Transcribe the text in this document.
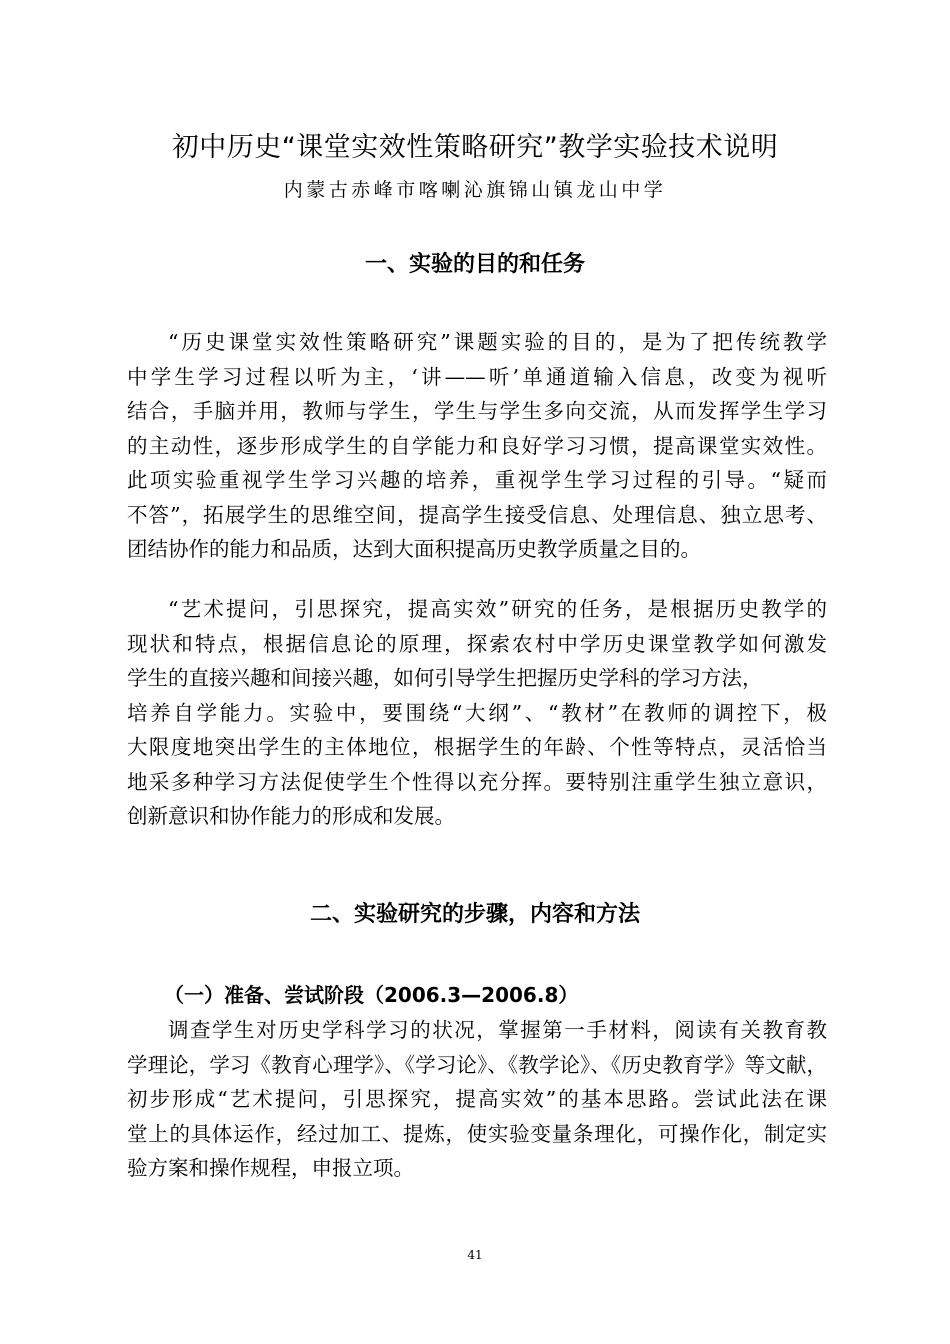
初中历史“课堂实效性策略研究”教学实验技术说明
内蒙古赤峰市喀喇沁旗锦山镇龙山中学
一、实验的目的和任务
“历史课堂实效性策略研究”课题实验的目的，是为了把传统教学
中学生学习过程以听为主，‘讲——听’单通道输入信息，改变为视听
结合，手脑并用，教师与学生，学生与学生多向交流，从而发挥学生学习
的主动性，逐步形成学生的自学能力和良好学习习惯，提高课堂实效性。
此项实验重视学生学习兴趣的培养，重视学生学习过程的引导。“疑而
不答”，拓展学生的思维空间，提高学生接受信息、处理信息、独立思考、
团结协作的能力和品质，达到大面积提高历史教学质量之目的。
“艺术提问，引思探究，提高实效”研究的任务，是根据历史教学的
现状和特点，根据信息论的原理，探索农村中学历史课堂教学如何激发
学生的直接兴趣和间接兴趣，如何引导学生把握历史学科的学习方法，
培养自学能力。实验中，要围绕“大纲”、“教材”在教师的调控下，极
大限度地突出学生的主体地位，根据学生的年龄、个性等特点，灵活恰当
地采多种学习方法促使学生个性得以充分挥。要特别注重学生独立意识，
创新意识和协作能力的形成和发展。
二、实验研究的步骤，内容和方法
（一）准备、尝试阶段（2006.3—2006.8）
调查学生对历史学科学习的状况，掌握第一手材料，阅读有关教育教
学理论，学习《教育心理学》、《学习论》、《教学论》、《历史教育学》等文献，
初步形成“艺术提问，引思探究，提高实效”的基本思路。尝试此法在课
堂上的具体运作，经过加工、提炼，使实验变量条理化，可操作化，制定实
验方案和操作规程，申报立项。
41
